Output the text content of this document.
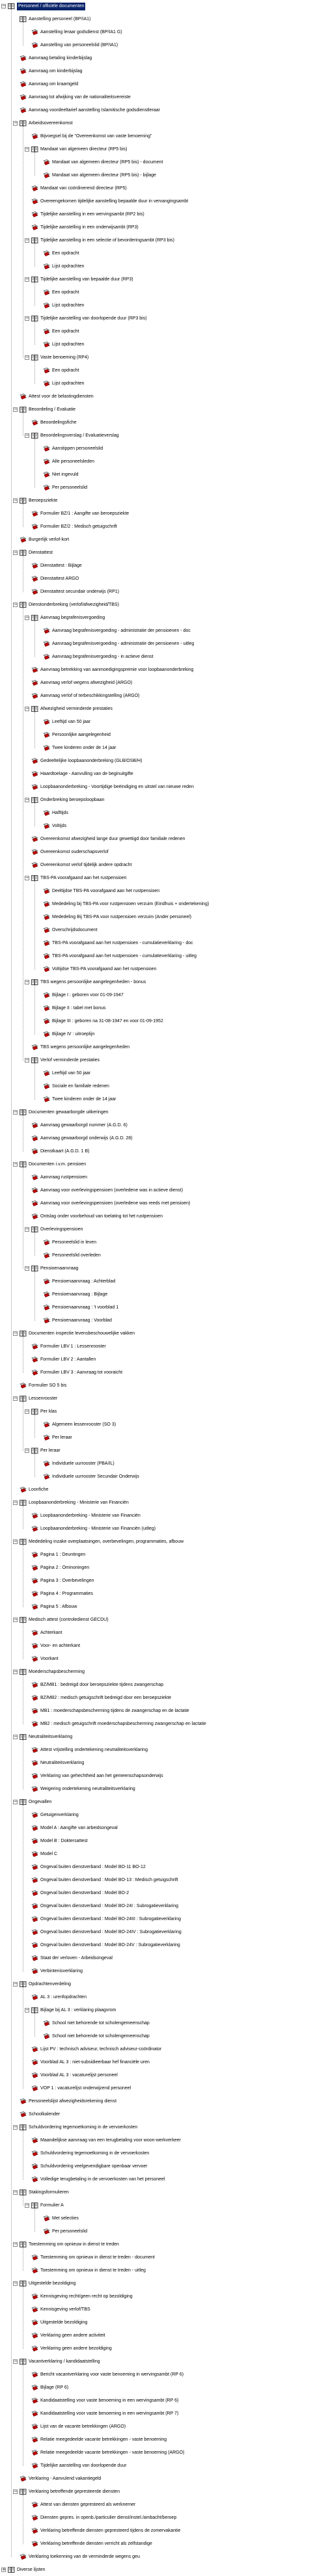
−	Personeel / officiële documenten
Aanstelling personeel (BP/IA1)
Aanstelling leraar godsdienst (BP/IA1 G)
Aanstelling van personeelslid (BP/IA1)
Aanvraag betaling kinderbijslag
Aanvraag om kinderbijslag
Aanvraag om kraamgeld
Aanvraag tot afwijking van de nationaliteitsvereiste
Aanvraag voordeeltarief aanstelling Islamitische godsdienstleraar
− Arbeidsovereenkomst
Bijvoegsel bij de "Overeenkomst van vaste benoeming"
− Mandaat van algemeen directeur (RP5 bis)
Mandaat van algemeen directeur (RP5 bis) - document
Mandaat van algemeen directeur (RP5 bis) - bijlage
Mandaat van coördinerend directeur (RP5)
Overeengekomen tijdelijke aanstelling bepaalde duur in vervangingsambt
Tijdelijke aanstelling in een wervingsambt (RP2 bis)
Tijdelijke aanstelling in een onderwijsambt (RP3)
− Tijdelijke aanstelling in een selectie of bevorderingsambt (RP3 bis)
Een opdracht
Lijst opdrachten
− Tijdelijke aanstelling van bepaalde duur (RP3)
Een opdracht
Lijst opdrachten
− Tijdelijke aanstelling van doorlopende duur (RP3 bis)
Een opdracht
Lijst opdrachten
− Vaste benoeming (RP4)
Een opdracht
Lijst opdrachten
Attest voor de belastingdiensten
− Beoordeling / Evaluatie
Beoordelingsfiche
− Beoordelingsverslag / Evaluatieverslag
Aanstippen personeelslid
Alle personeelsleden
Niet ingevuld
Per personeelslid
− Beroepsziekte
Formulier BZ/1 : Aangifte van beroepsziekte
Formulier BZ/2 : Medisch getuigschrift
Burgerlijk verlof-kort
− Dienstattest
Dienstattest : Bijlage
Dienstattest ARGO
Dienstattest secundair onderwijs (RP1)
− Dienstonderbreking (verlof/afwezigheid/TBS)
− Aanvraag begrafenisvergoeding
Aanvraag begrafenisvergoeding - administratie der pensioenen - doc
Aanvraag begrafenisvergoeding - administratie der pensioenen - uitleg
Aanvraag begrafenisvergoeding - in actieve dienst
Aanvraag betrekking van aanmoedigingspremie voor loopbaanonderbreking
Aanvraag verlof wegens afwezigheid (ARGO)
Aanvraag verlof of terbeschikkingstelling (ARGO)
− Afwezigheid verminderde prestaties
Leeftijd van 50 jaar
Persoonlijke aangelegenheid
Twee kinderen onder de 14 jaar
Gedeeltelijke loopbaanonderbreking (GLB/OSB/H)
Haardtoelage - Aanvulling van de beginuitgifte
Loopbaanonderbreking - Voortijdige beëindiging en uitstel van nieuwe reden
− Onderbreking beroepsloopbaan
Halftijds
Voltijds
Overeenkomst afwezigheid lange duur gewettigd door familiale redenen
Overeenkomst ouderschapsverlof
Overeenkomst verlof tijdelijk andere opdracht
− TBS-PA voorafgaand aan het rustpensioen
Deeltijdse TBS-PA voorafgaand aan het rustpensioen
Mededeling bij TBS-PA voor rustpensioen verzuim (Eindhuis + ondertekening)
Mededeling Bij TBS-PA voor rustpensioen verzuim (Ander personeel)
Overschrijdsdocument
TBS-PA voorafgaand aan het rustpensioen - cumulatieverklaring - doc
TBS-PA voorafgaand aan het rustpensioen - cumulatieverklaring - uitleg
Voltijdse TBS-PA voorafgaand aan het rustpensioen
− TBS wegens persoonlijke aangelegenheden - bonus
Bijlage I : geboren voor 01-09-1947
Bijlage II : tabel met bonus
Bijlage III : geboren na 31-08-1947 en voor 01-09-1952
Bijlage IV : uitroeplijn
TBS wegens persoonlijke aangelegenheden
− Verlof verminderde prestaties
Leeftijd van 50 jaar
Sociale en familiale redenen
Twee kinderen onder de 14 jaar
− Documenten gewaarborgde uitkeringen
Aanvraag gewaarborgd nummer (A.G.D. 6)
Aanvraag gewaarborgd onderwijs (A.G.D. 28)
Dienstkaart (A.G.D. 1 B)
− Documenten i.v.m. pensioen
Aanvraag rustpensioen
Aanvraag voor overlevingspensioen (overledene was in actieve dienst)
Aanvraag voor overlevingspensioen (overledene was reeds met pensioen)
Ontslag onder voorbehoud van toelating tot het rustpensioen
− Overlevingspensioen
Personeelslid in leven
Personeelslid overleden
− Pensioenaanvraag
Pensioenaanvraag : Achterblad
Pensioenaanvraag : Bijlage
Pensioenaanvraag : 't voorblad 1
Pensioenaanvraag : Voorblad
− Documenten inspectie levensbeschouwelijke vakken
Formulier LBV 1 : Lessenrooster
Formulier LBV 2 : Aantallen
Formulier LBV 3 : Aanvraag tot vooraicht
Formulier SO 5 bis
− Lessenrooster
− Per klas
Algemeen lessenrooster (SO 3)
Per leraar
− Per leraar
Individuele uurrooster (PBA/IL)
Individuele uurrooster Secundair Onderwijs
Loonfiche
− Loopbaanonderbreking - Ministerie van Financiën
Loopbaanonderbreking - Ministerie van Financiën
Loopbaanonderbreking - Ministerie van Financiën (uitleg)
− Mededeling inzake overplaatsingen, overbevelingen, programmaties, afbouw
Pagina 1 : Deuntingen
Pagina 2 : Ominoningen
Pagina 3 : Overbevelingen
Pagina 4 : Programmaties
Pagina 5 : Afbouw
− Medisch attest (controledienst GECDU)
Achterkant
Voor- en achterkant
Voorkant
− Moederschapsbescherming
BZ/MB1 : bedreigd door beroepsziekte tijdens zwangerschap
BZ/MB2 : medisch getuigschrift bedreigd door een beroepsziekte
MB1 : moederschapsbescherming tijdens de zwangerschap en de lactatie
MB2 : medisch getuigschrift moederschapsbescherming zwangerschap en lactatie
− Neutraliteitsverklaring
Attest vrijstelling ondertekening neutraliteitsverklaring
Neutraliteitsverklaring
Verklaring van gehechtheid aan het gemeenschapsonderwijs
Weigering ondertekening neutraliteitsverklaring
− Ongevallen
Getuigenverklaring
Model A : Aangifte van arbeidsongeval
Model B : Doktersattest
Model C
Ongeval buiten dienstverband : Model BO-11 BO-12
Ongeval buiten dienstverband : Model BO-13 : Medisch getuigschrift
Ongeval buiten dienstverband : Model BO-2
Ongeval buiten dienstverband : Model BO-24I : Subrogatieverklaring
Ongeval buiten dienstverband : Model BO-24III : Subrogatieverklaring
Ongeval buiten dienstverband : Model BO-24IV : Subrogatieverklaring
Ongeval buiten dienstverband : Model BO-24V : Subrogatieverklaring
Staat der verloven - Arbeidsongeval
Verbintenisverklaring
− Opdrachtenverdeling
AL 3 : urenfopdrachten
− Bijlage bij AL 3 : verklaring plaagvrom
School niet behorende tot scholengemeenschap
School niet behorende tot scholengemeenschap
Lijst PV : technisch adviseur, technisch adviseur-coördinator
Voorblad AL 3 : niet-subsidieerbaar hef financiële uren
Voorblad AL 3 : vacaturelijst personeel
VOP 1 : vacaturelijst onderwijzend personeel
Personeelslijst afwezigheidsrekening dienst
Schoolkalender
− Schuldvordering tegemoetkoming in de vervoerkosten
Maandelijkse aanvraag van een terugbetaling voor woon-werkverkeer
Schuldvordering tegemoetkoming in de vervoerkosten
Schuldvordering veelgevendigbare openbaar vervoer
Volledige terugbetaling in de vervoerkosten van het personeel
− Stakingsformulieren
− Formulier A
Met selecties
Per personeelslid
− Toestemming om opnieuw in dienst te treden
Toestemming om opnieuw in dienst te treden - document
Toestemming om opnieuw in dienst te treden - uitleg
− Uitgestelde bezoldiging
Kennisgeving recht/geen recht op bezoldiging
Kennisgeving verlof/TBS
Uitgestelde bezoldiging
Verklaring geen andere activiteit
Verklaring geen andere bezoldiging
− Vacantverklaring / kandidaatstelling
Bericht vacantverklaring voor vaste benoeming in wervingsambt (RP 6)
Bijlage (RP 6)
Kandidaatstelling voor vaste benoeming in een wervingsambt (RP 6)
Kandidaatstelling voor vaste benoeming in een wervingsambt (RP 7)
Lijst van de vacante betrekkingen (ARGO)
Relatie meegedeelde vacante betrekkingen - vaste benoeming
Relatie meegedeelde vacante betrekkingen - vaste benoeming (ARGO)
Tijdelijke aanstelling van doorlopende duur
Verklaring - Aanvulend vakantiegeld
− Verklaring betreffende gepresteerde diensten
Attest van diensten gepresteerd als werknemer
Diensten gepres. in openb./particulier dienst/instel./ambacht/beroep
Verklaring betreffende diensten gepresteerd tijdens de zomervakantie
Verklaring betreffende diensten verricht als zelfstandige
Verklaring toekenning van de verminderde wegens geu
+ Diverse lijsten
